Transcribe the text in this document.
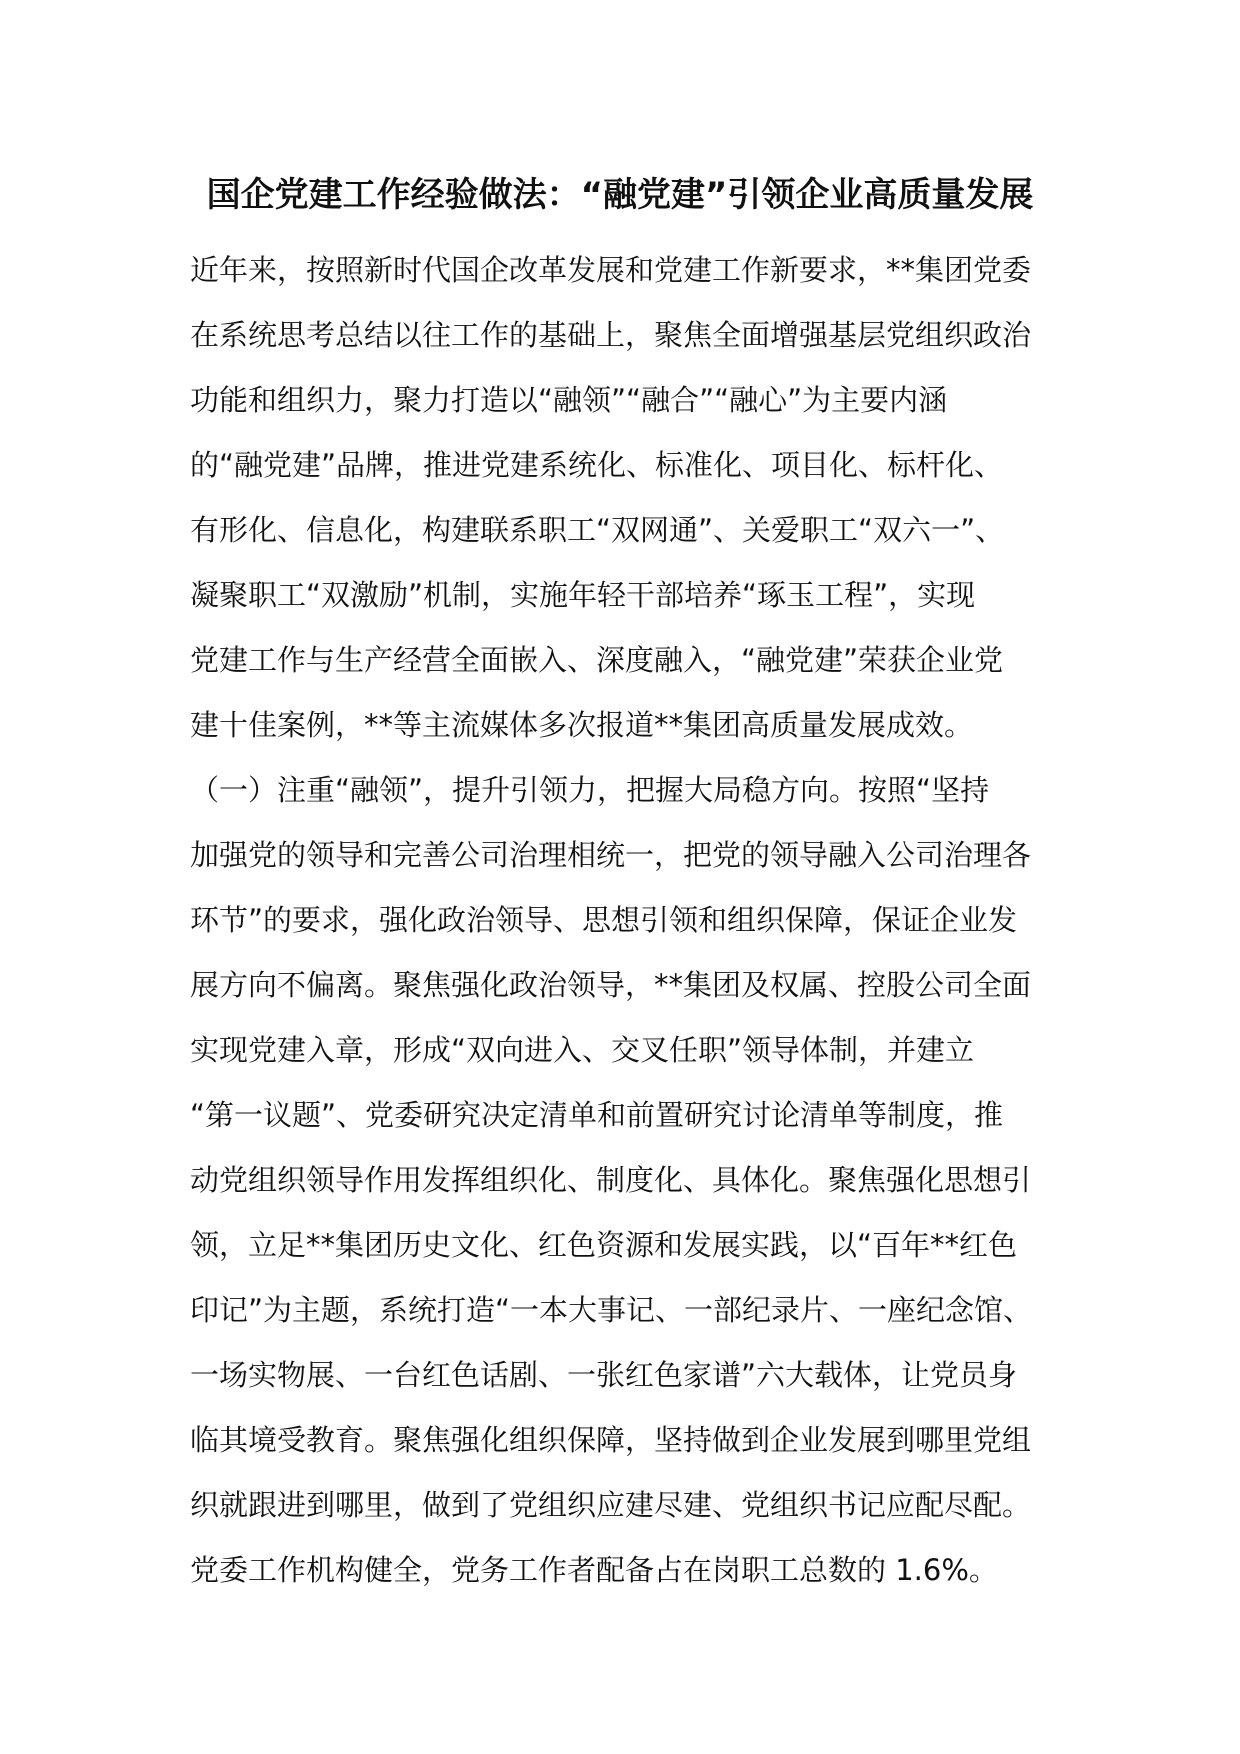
国企党建工作经验做法：“融党建”引领企业高质量发展
近年来，按照新时代国企改革发展和党建工作新要求，**集团党委
在系统思考总结以往工作的基础上，聚焦全面增强基层党组织政治
功能和组织力，聚力打造以“融领”“融合”“融心”为主要内涵
的“融党建”品牌，推进党建系统化、标准化、项目化、标杆化、
有形化、信息化，构建联系职工“双网通”、关爱职工“双六一”、
凝聚职工“双激励”机制，实施年轻干部培养“琢玉工程”，实现
党建工作与生产经营全面嵌入、深度融入，“融党建”荣获企业党
建十佳案例，**等主流媒体多次报道**集团高质量发展成效。
（一）注重“融领”，提升引领力，把握大局稳方向。按照“坚持
加强党的领导和完善公司治理相统一，把党的领导融入公司治理各
环节”的要求，强化政治领导、思想引领和组织保障，保证企业发
展方向不偏离。聚焦强化政治领导，**集团及权属、控股公司全面
实现党建入章，形成“双向进入、交叉任职”领导体制，并建立
“第一议题”、党委研究决定清单和前置研究讨论清单等制度，推
动党组织领导作用发挥组织化、制度化、具体化。聚焦强化思想引
领，立足**集团历史文化、红色资源和发展实践，以“百年**红色
印记”为主题，系统打造“一本大事记、一部纪录片、一座纪念馆、
一场实物展、一台红色话剧、一张红色家谱”六大载体，让党员身
临其境受教育。聚焦强化组织保障，坚持做到企业发展到哪里党组
织就跟进到哪里，做到了党组织应建尽建、党组织书记应配尽配。
党委工作机构健全，党务工作者配备占在岗职工总数的 1.6%。
